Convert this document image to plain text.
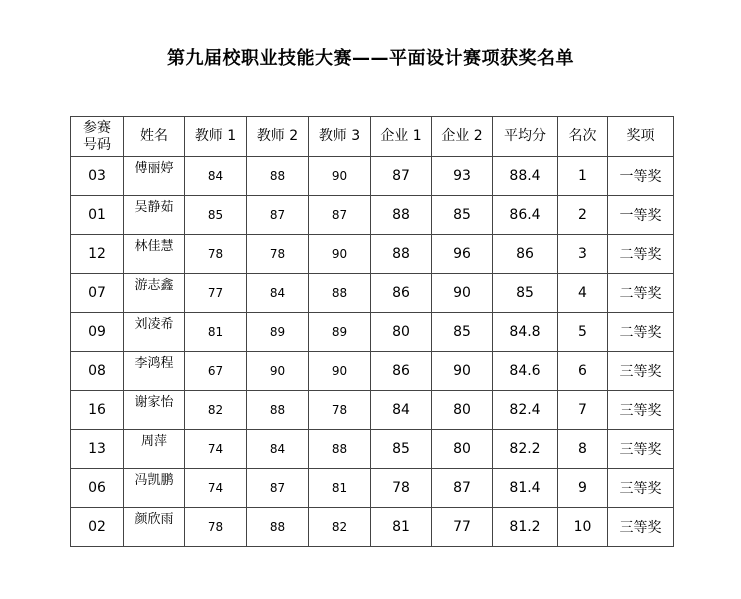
第九届校职业技能大赛——平面设计赛项获奖名单
参赛
号码	姓名	教师 1	教师 2	教师 3	企业 1	企业 2	平均分	名次	奖项
03	傅丽婷	84	88	90	87	93	88.4	1	一等奖
01	吴静茹	85	87	87	88	85	86.4	2	一等奖
12	林佳慧	78	78	90	88	96	86	3	二等奖
07	游志鑫	77	84	88	86	90	85	4	二等奖
09	刘凌希	81	89	89	80	85	84.8	5	二等奖
08	李鸿程	67	90	90	86	90	84.6	6	三等奖
16	谢家怡	82	88	78	84	80	82.4	7	三等奖
13	周萍	74	84	88	85	80	82.2	8	三等奖
06	冯凯鹏	74	87	81	78	87	81.4	9	三等奖
02	颜欣雨	78	88	82	81	77	81.2	10	三等奖
